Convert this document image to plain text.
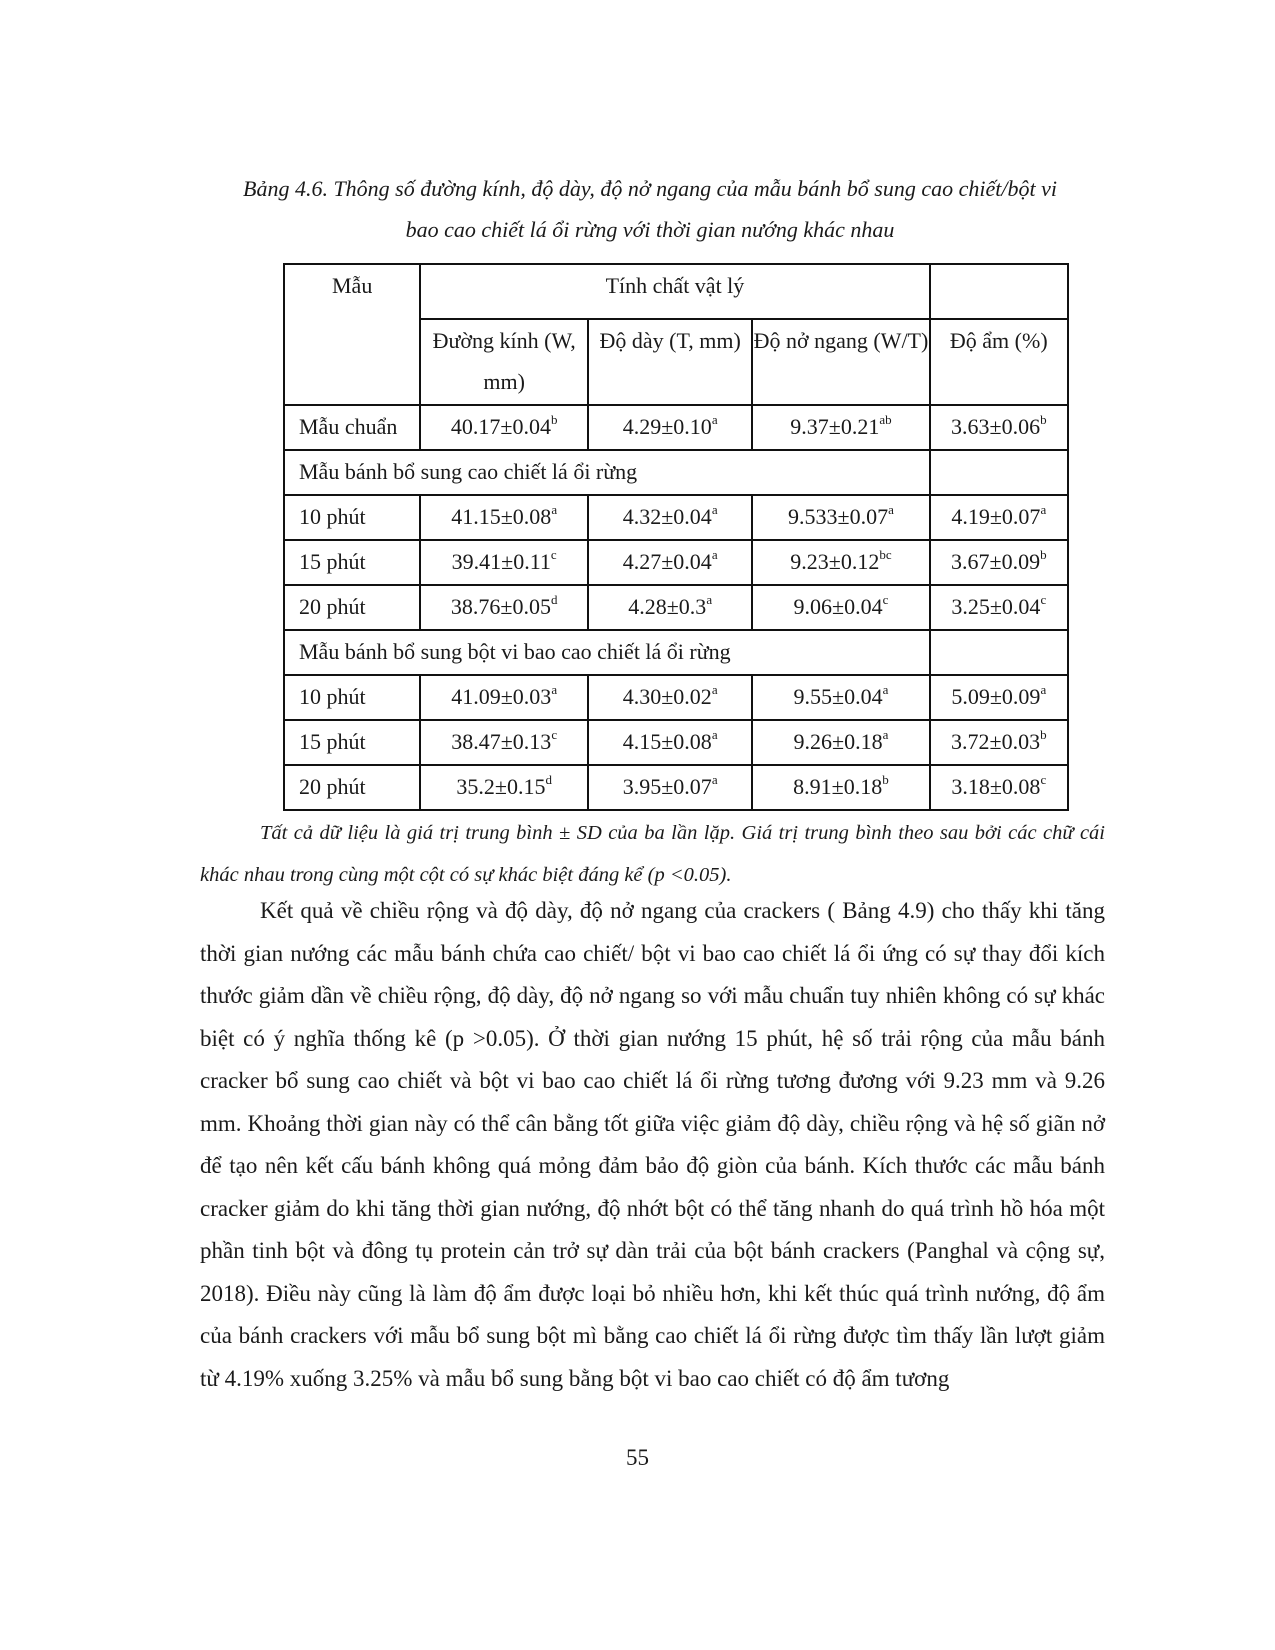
Bảng 4.6. Thông số đường kính, độ dày, độ nở ngang của mẫu bánh bổ sung cao chiết/bột vi
bao cao chiết lá ổi rừng với thời gian nướng khác nhau
Mẫu	Tính chất vật lý			
	Đường kính (W, mm)	Độ dày (T, mm)	Độ nở ngang (W/T)	Độ ẩm (%)
Mẫu chuẩn	40.17±0.04$^b$	4.29±0.10$^a$	9.37±0.21$^{ab}$	3.63±0.06$^b$
Mẫu bánh bổ sung cao chiết lá ổi rừng				
10 phút	41.15±0.08$^a$	4.32±0.04$^a$	9.533±0.07$^a$	4.19±0.07$^a$
15 phút	39.41±0.11$^c$	4.27±0.04$^a$	9.23±0.12$^{bc}$	3.67±0.09$^b$
20 phút	38.76±0.05$^d$	4.28±0.3$^a$	9.06±0.04$^c$	3.25±0.04$^c$
Mẫu bánh bổ sung bột vi bao cao chiết lá ổi rừng				
10 phút	41.09±0.03$^a$	4.30±0.02$^a$	9.55±0.04$^a$	5.09±0.09$^a$
15 phút	38.47±0.13$^c$	4.15±0.08$^a$	9.26±0.18$^a$	3.72±0.03$^b$
20 phút	35.2±0.15$^d$	3.95±0.07$^a$	8.91±0.18$^b$	3.18±0.08$^c$
Tất cả dữ liệu là giá trị trung bình ± SD của ba lần lặp. Giá trị trung bình theo sau bởi các chữ cái khác nhau trong cùng một cột có sự khác biệt đáng kể (p <0.05).
Kết quả về chiều rộng và độ dày, độ nở ngang của crackers ( Bảng 4.9) cho thấy khi tăng thời gian nướng các mẫu bánh chứa cao chiết/ bột vi bao cao chiết lá ổi ứng có sự thay đổi kích thước giảm dần về chiều rộng, độ dày, độ nở ngang so với mẫu chuẩn tuy nhiên không có sự khác biệt có ý nghĩa thống kê (p >0.05). Ở thời gian nướng 15 phút, hệ số trải rộng của mẫu bánh cracker bổ sung cao chiết và bột vi bao cao chiết lá ổi rừng tương đương với 9.23 mm và 9.26 mm. Khoảng thời gian này có thể cân bằng tốt giữa việc giảm độ dày, chiều rộng và hệ số giãn nở để tạo nên kết cấu bánh không quá mỏng đảm bảo độ giòn của bánh. Kích thước các mẫu bánh cracker giảm do khi tăng thời gian nướng, độ nhớt bột có thể tăng nhanh do quá trình hồ hóa một phần tinh bột và đông tụ protein cản trở sự dàn trải của bột bánh crackers (Panghal và cộng sự, 2018). Điều này cũng là làm độ ẩm được loại bỏ nhiều hơn, khi kết thúc quá trình nướng, độ ẩm của bánh crackers với mẫu bổ sung bột mì bằng cao chiết lá ổi rừng được tìm thấy lần lượt giảm từ 4.19% xuống 3.25% và mẫu bổ sung bằng bột vi bao cao chiết có độ ẩm tương
55
